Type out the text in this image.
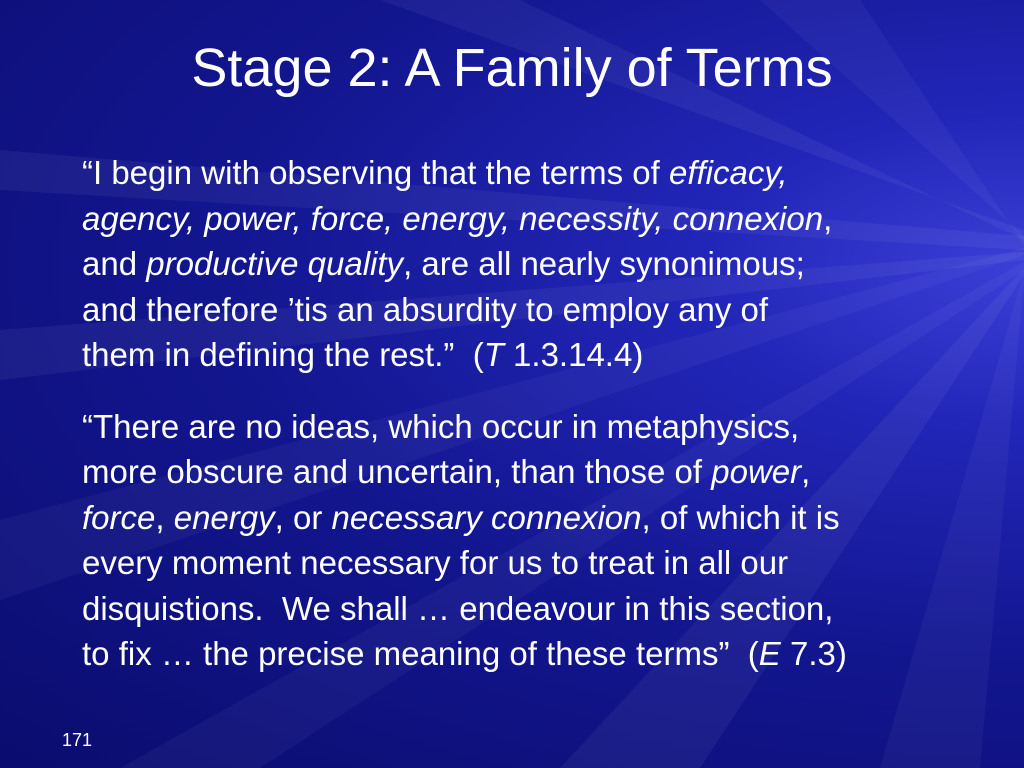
Stage 2: A Family of Terms

“I begin with observing that the terms of efficacy,
agency, power, force, energy, necessity, connexion,
and productive quality, are all nearly synonimous;
and therefore ’tis an absurdity to employ any of
them in defining the rest.”  (T 1.3.14.4)

“There are no ideas, which occur in metaphysics,
more obscure and uncertain, than those of power,
force, energy, or necessary connexion, of which it is
every moment necessary for us to treat in all our
disquistions.  We shall … endeavour in this section,
to fix … the precise meaning of these terms”  (E 7.3)

171
